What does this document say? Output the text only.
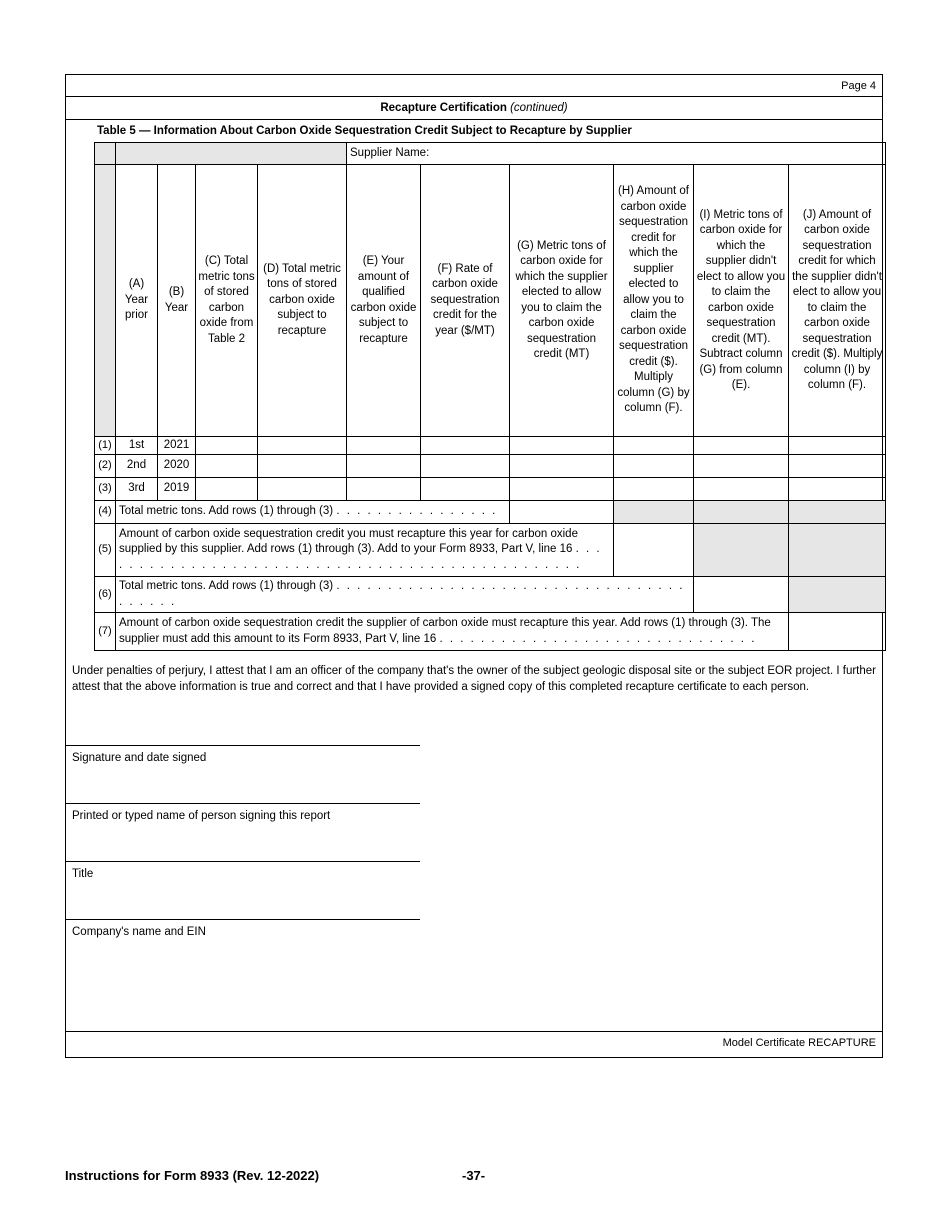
Page 4
Recapture Certification (continued)
Table 5 — Information About Carbon Oxide Sequestration Credit Subject to Recapture by Supplier
					Supplier Name:					
	(A) Year prior	(B) Year	(C) Total metric tons of stored carbon oxide from Table 2	(D) Total metric tons of stored carbon oxide subject to recapture	(E) Your amount of qualified carbon oxide subject to recapture	(F) Rate of carbon oxide sequestration credit for the year ($/MT)	(G) Metric tons of carbon oxide for which the supplier elected to allow you to claim the carbon oxide sequestration credit (MT)	(H) Amount of carbon oxide sequestration credit for which the supplier elected to allow you to claim the carbon oxide sequestration credit ($). Multiply column (G) by column (F).	(I) Metric tons of carbon oxide for which the supplier didn't elect to allow you to claim the carbon oxide sequestration credit (MT). Subtract column (G) from column (E).	(J) Amount of carbon oxide sequestration credit for which the supplier didn't elect to allow you to claim the carbon oxide sequestration credit ($). Multiply column (I) by column (F).
(1)	1st	2021								
(2)	2nd	2020								
(3)	3rd	2019								
(4)	Total metric tons. Add rows (1) through (3) . . . . . . . . . . . . . . . .									
(5)	Amount of carbon oxide sequestration credit you must recapture this year for carbon oxide supplied by this supplier. Add rows (1) through (3). Add to your Form 8933, Part V, line 16 . . . . . . . . . . . . . . . . . . . . . . . . . . . . . . . . . . . . . . . . . . . . . . . .									
(6)	Total metric tons. Add rows (1) through (3) . . . . . . . . . . . . . . . . . . . . . . . . . . . . . . . . . . . . . . . .									
(7)	Amount of carbon oxide sequestration credit the supplier of carbon oxide must recapture this year. Add rows (1) through (3). The supplier must add this amount to its Form 8933, Part V, line 16 . . . . . . . . . . . . . . . . . . . . . . . . . . . . . . .									
Under penalties of perjury, I attest that I am an officer of the company that's the owner of the subject geologic disposal site or the subject EOR project. I further attest that the above information is true and correct and that I have provided a signed copy of this completed recapture certificate to each person.
Signature and date signed
Printed or typed name of person signing this report
Title
Company's name and EIN
Model Certificate RECAPTURE
Instructions for Form 8933 (Rev. 12-2022)	-37-
